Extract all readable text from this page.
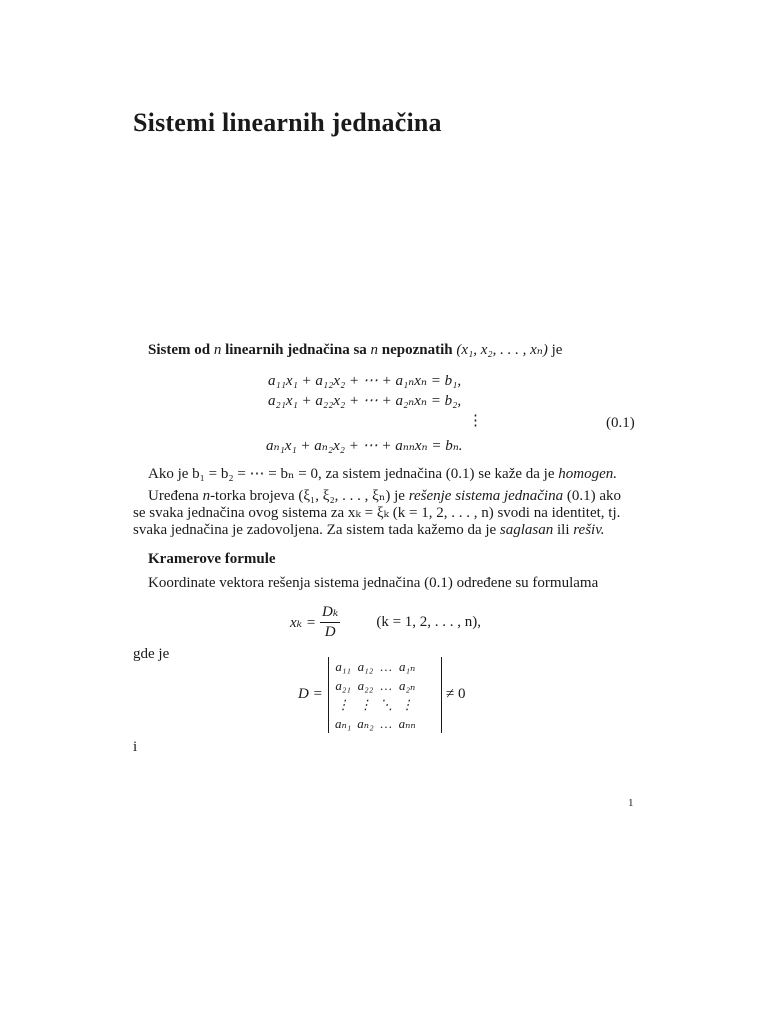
Sistemi linearnih jednačina
Sistem od n linearnih jednačina sa n nepoznatih (x₁, x₂, . . . , xₙ) je
a₁₁x₁ + a₁₂x₂ + ⋯ + a₁ₙxₙ = b₁,
a₂₁x₁ + a₂₂x₂ + ⋯ + a₂ₙxₙ = b₂,
⋮
aₙ₁x₁ + aₙ₂x₂ + ⋯ + aₙₙxₙ = bₙ.
(0.1)
Ako je b₁ = b₂ = ⋯ = bₙ = 0, za sistem jednačina (0.1) se kaže da je homogen.
Uređena n-torka brojeva (ξ₁, ξ₂, . . . , ξₙ) je rešenje sistema jednačina (0.1) ako
se svaka jednačina ovog sistema za xₖ = ξₖ (k = 1, 2, . . . , n) svodi na identitet, tj.
svaka jednačina je zadovoljena. Za sistem tada kažemo da je saglasan ili rešiv.
Kramerove formule
Koordinate vektora rešenja sistema jednačina (0.1) određene su formulama
$x_k = \frac{\text{Dₖ}}{D} (k = 1$, 2, . . . , n),
gde je
D =
a₁₁	a₁₂	…	a₁ₙ
a₂₁	a₂₂	…	a₂ₙ
⋮	⋮	⋱	⋮
aₙ₁	aₙ₂	…	aₙₙ
≠ 0
i
1
